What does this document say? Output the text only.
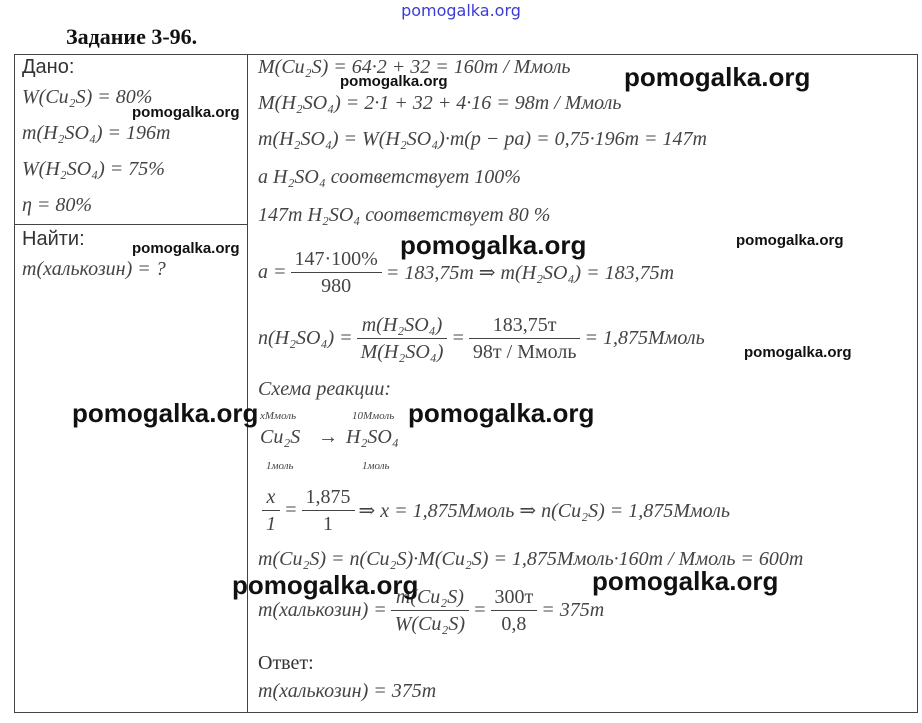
pomogalka.org
Задание 3-96.
Дано:
W(Cu₂S) = 80%
m(H₂SO₄) = 196т
W(H₂SO₄) = 75%
η = 80%
Найти:
m(халькозин) = ?
M(Cu₂S) = 64·2 + 32 = 160т / Ммоль
M(H₂SO₄) = 2·1 + 32 + 4·16 = 98т / Ммоль
m(H₂SO₄) = W(H₂SO₄)·m(p − pa) = 0,75·196т = 147т
a H₂SO₄ соответствует 100%
147т H₂SO₄ соответствует 80 %
$a = \frac{147\cdot 100\%}{980} = 183,75т$ ⇒ m(H₂SO₄) = 183,75т
$n(H_2SO_4) = \frac{\text{m(H₂SO₄)}}{\text{M(H₂SO₄)}} = \frac{183,75т}{\text{98т / Ммоль}}$ = 1,875Ммоль
Схема реакции:
xМмоль	10Ммоль
Cu₂S → H₂SO₄
1моль	1моль
$\frac{x}{1} = \frac{1,875}{1}$ ⇒ x = 1,875Ммоль ⇒ n(Cu₂S) = 1,875Ммоль
m(Cu₂S) = n(Cu₂S)·M(Cu₂S) = 1,875Ммоль·160т / Ммоль = 600т
m(халькозин) = $\frac{\text{m(Cu₂S)}}{\text{W(Cu₂S)}} = \frac{300т}{0,8} = 375т$
Ответ:
m(халькозин) = 375т
pomogalka.org
pomogalka.org
pomogalka.org
pomogalka.org	pomogalka.org	pomogalka.org
pomogalka.org
pomogalka.org	pomogalka.org
pomogalka.org	pomogalka.org
